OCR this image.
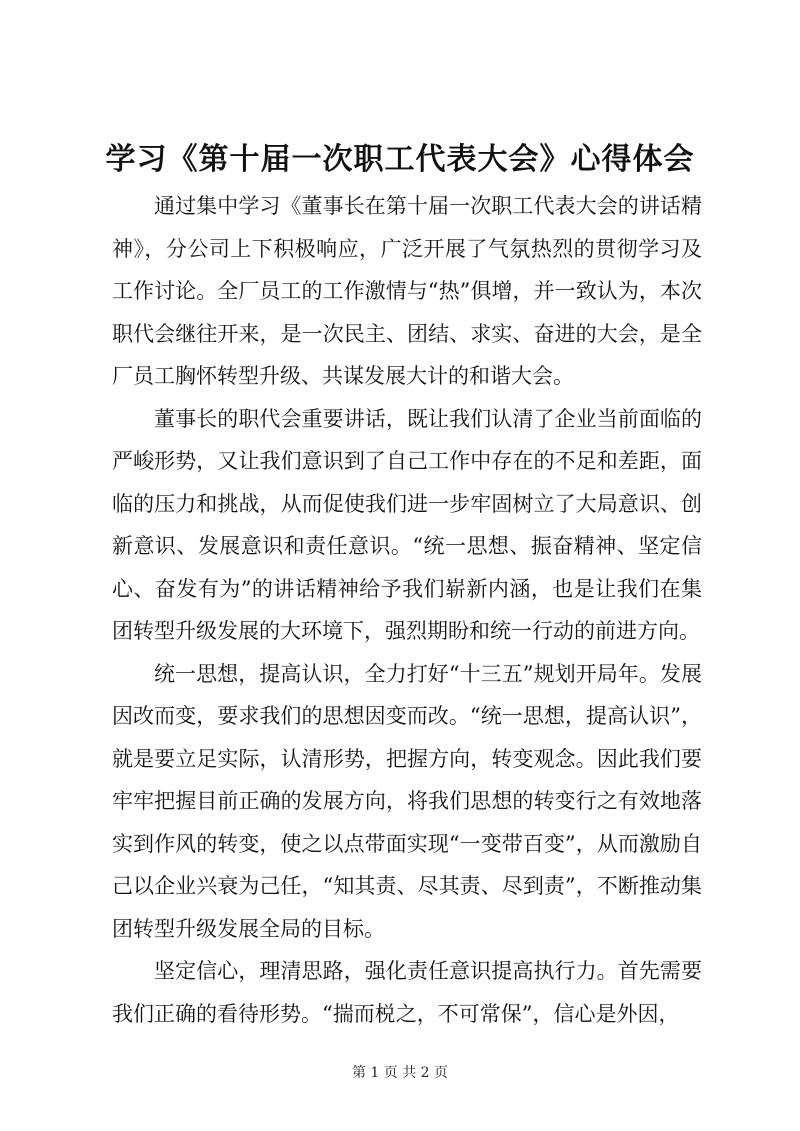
学习《第十届一次职工代表大会》心得体会

通过集中学习《董事长在第十届一次职工代表大会的讲话精神》，分公司上下积极响应，广泛开展了气氛热烈的贯彻学习及工作讨论。全厂员工的工作激情与“热”俱增，并一致认为，本次职代会继往开来，是一次民主、团结、求实、奋进的大会，是全厂员工胸怀转型升级、共谋发展大计的和谐大会。

董事长的职代会重要讲话，既让我们认清了企业当前面临的严峻形势，又让我们意识到了自己工作中存在的不足和差距，面临的压力和挑战，从而促使我们进一步牢固树立了大局意识、创新意识、发展意识和责任意识。“统一思想、振奋精神、坚定信心、奋发有为”的讲话精神给予我们崭新内涵，也是让我们在集团转型升级发展的大环境下，强烈期盼和统一行动的前进方向。

统一思想，提高认识，全力打好“十三五”规划开局年。发展因改而变，要求我们的思想因变而改。“统一思想，提高认识”，就是要立足实际，认清形势，把握方向，转变观念。因此我们要牢牢把握目前正确的发展方向，将我们思想的转变行之有效地落实到作风的转变，使之以点带面实现“一变带百变”，从而激励自己以企业兴衰为己任，“知其责、尽其责、尽到责”，不断推动集团转型升级发展全局的目标。

坚定信心，理清思路，强化责任意识提高执行力。首先需要我们正确的看待形势。“揣而棁之，不可常保”，信心是外因，

第 1 页 共 2 页
